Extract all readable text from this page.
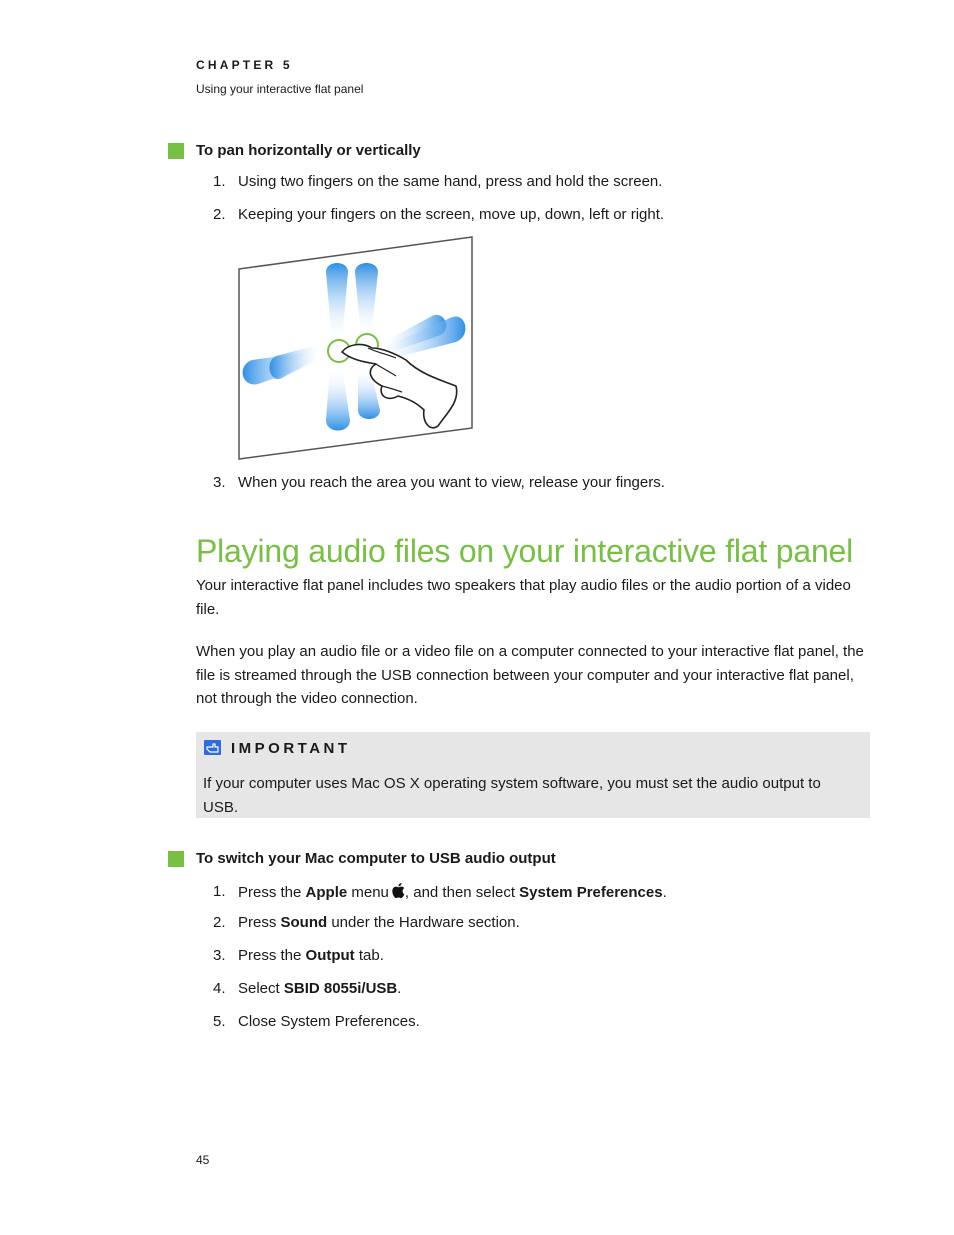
CHAPTER 5
Using your interactive flat panel
To pan horizontally or vertically
1. Using two fingers on the same hand, press and hold the screen.
2. Keeping your fingers on the screen, move up, down, left or right.
3. When you reach the area you want to view, release your fingers.
Playing audio files on your interactive flat panel
Your interactive flat panel includes two speakers that play audio files or the audio portion of a video file.
When you play an audio file or a video file on a computer connected to your interactive flat panel, the file is streamed through the USB connection between your computer and your interactive flat panel, not through the video connection.
IMPORTANT
If your computer uses Mac OS X operating system software, you must set the audio output to USB.
To switch your Mac computer to USB audio output
1. Press the Apple menu , and then select System Preferences.
2. Press Sound under the Hardware section.
3. Press the Output tab.
4. Select SBID 8055i/USB.
5. Close System Preferences.
45
